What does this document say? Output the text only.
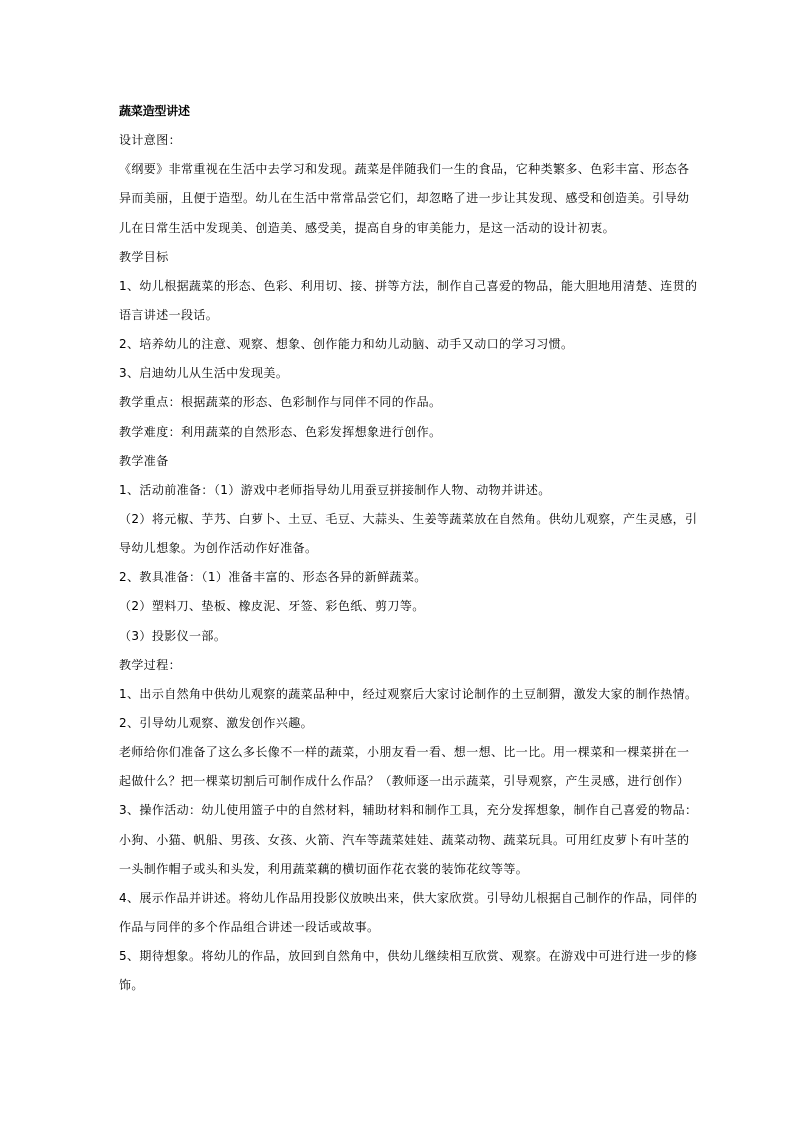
蔬菜造型讲述
设计意图：
《纲要》非常重视在生活中去学习和发现。蔬菜是伴随我们一生的食品，它种类繁多、色彩丰富、形态各
异而美丽，且便于造型。幼儿在生活中常常品尝它们，却忽略了进一步让其发现、感受和创造美。引导幼
儿在日常生活中发现美、创造美、感受美，提高自身的审美能力，是这一活动的设计初衷。
教学目标
1、幼儿根据蔬菜的形态、色彩、利用切、接、拼等方法，制作自己喜爱的物品，能大胆地用清楚、连贯的
语言讲述一段话。
2、培养幼儿的注意、观察、想象、创作能力和幼儿动脑、动手又动口的学习习惯。
3、启迪幼儿从生活中发现美。
教学重点：根据蔬菜的形态、色彩制作与同伴不同的作品。
教学难度：利用蔬菜的自然形态、色彩发挥想象进行创作。
教学准备
1、活动前准备：（1）游戏中老师指导幼儿用蚕豆拼接制作人物、动物并讲述。
（2）将元椒、芋艿、白萝卜、土豆、毛豆、大蒜头、生姜等蔬菜放在自然角。供幼儿观察，产生灵感，引
导幼儿想象。为创作活动作好准备。
2、教具准备：（1）准备丰富的、形态各异的新鲜蔬菜。
（2）塑料刀、垫板、橡皮泥、牙签、彩色纸、剪刀等。
（3）投影仪一部。
教学过程：
1、出示自然角中供幼儿观察的蔬菜品种中，经过观察后大家讨论制作的土豆制猬，激发大家的制作热情。
2、引导幼儿观察、激发创作兴趣。
老师给你们准备了这么多长像不一样的蔬菜，小朋友看一看、想一想、比一比。用一棵菜和一棵菜拼在一
起做什么？把一棵菜切割后可制作成什么作品？（教师逐一出示蔬菜，引导观察，产生灵感，进行创作）
3、操作活动：幼儿使用篮子中的自然材料，辅助材料和制作工具，充分发挥想象，制作自己喜爱的物品：
小狗、小猫、帆船、男孩、女孩、火箭、汽车等蔬菜娃娃、蔬菜动物、蔬菜玩具。可用红皮萝卜有叶茎的
一头制作帽子或头和头发，利用蔬菜藕的横切面作花衣裳的装饰花纹等等。
4、展示作品并讲述。将幼儿作品用投影仪放映出来，供大家欣赏。引导幼儿根据自己制作的作品，同伴的
作品与同伴的多个作品组合讲述一段话或故事。
5、期待想象。将幼儿的作品，放回到自然角中，供幼儿继续相互欣赏、观察。在游戏中可进行进一步的修
饰。
